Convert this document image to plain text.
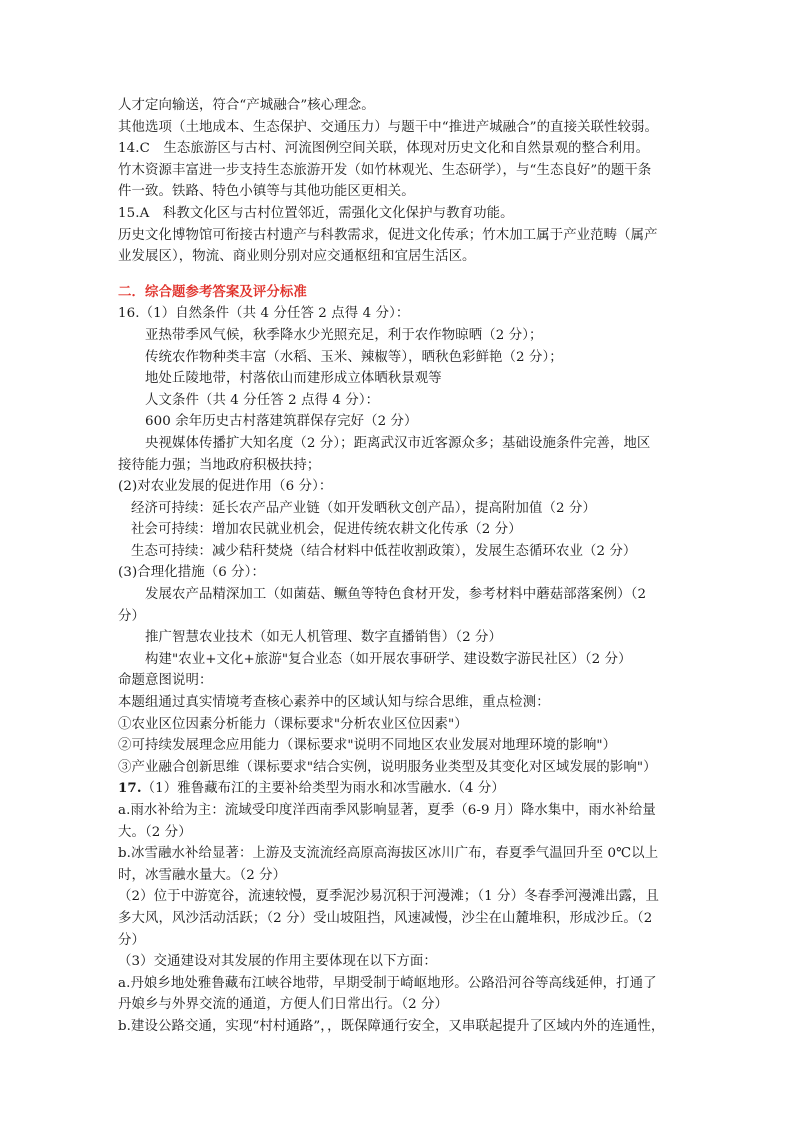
人才定向输送，符合“产城融合”核心理念。
其他选项（土地成本、生态保护、交通压力）与题干中“推进产城融合”的直接关联性较弱。
14.C　生态旅游区与古村、河流图例空间关联，体现对历史文化和自然景观的整合利用。
竹木资源丰富进一步支持生态旅游开发（如竹林观光、生态研学），与“生态良好”的题干条
件一致。铁路、特色小镇等与其他功能区更相关。
15.A　科教文化区与古村位置邻近，需强化文化保护与教育功能。
历史文化博物馆可衔接古村遗产与科教需求，促进文化传承；竹木加工属于产业范畴（属产
业发展区），物流、商业则分别对应交通枢纽和宜居生活区。
二．综合题参考答案及评分标准
16.（1）自然条件（共 4 分任答 2 点得 4 分）：
亚热带季风气候，秋季降水少光照充足，利于农作物晾晒（2 分）；
传统农作物种类丰富（水稻、玉米、辣椒等），晒秋色彩鲜艳（2 分）；
地处丘陵地带，村落依山而建形成立体晒秋景观等
人文条件（共 4 分任答 2 点得 4 分）：
600 余年历史古村落建筑群保存完好（2 分）
央视媒体传播扩大知名度（2 分）；距离武汉市近客源众多；基础设施条件完善，地区
接待能力强；当地政府积极扶持；
(2)对农业发展的促进作用（6 分）：
经济可持续：延长农产品产业链（如开发晒秋文创产品），提高附加值（2 分）
社会可持续：增加农民就业机会，促进传统农耕文化传承（2 分）
生态可持续：减少秸秆焚烧（结合材料中低茬收割政策），发展生态循环农业（2 分）
(3)合理化措施（6 分）：
发展农产品精深加工（如菌菇、鳜鱼等特色食材开发，参考材料中蘑菇部落案例）（2
分）
推广智慧农业技术（如无人机管理、数字直播销售）（2 分）
构建"农业+文化+旅游"复合业态（如开展农事研学、建设数字游民社区）（2 分）
命题意图说明：
本题组通过真实情境考查核心素养中的区域认知与综合思维，重点检测：
①农业区位因素分析能力（课标要求"分析农业区位因素"）
②可持续发展理念应用能力（课标要求"说明不同地区农业发展对地理环境的影响"）
③产业融合创新思维（课标要求"结合实例，说明服务业类型及其变化对区域发展的影响"）
17.（1）雅鲁藏布江的主要补给类型为雨水和冰雪融水.（4 分）
a.雨水补给为主：流域受印度洋西南季风影响显著，夏季（6-9 月）降水集中，雨水补给量
大。（2 分）
b.冰雪融水补给显著：上游及支流流经高原高海拔区冰川广布，春夏季气温回升至 0℃以上
时，冰雪融水量大。（2 分）
（2）位于中游宽谷，流速较慢，夏季泥沙易沉积于河漫滩；（1 分）冬春季河漫滩出露，且
多大风，风沙活动活跃；（2 分）受山坡阻挡，风速减慢，沙尘在山麓堆积，形成沙丘。（2
分）
（3）交通建设对其发展的作用主要体现在以下方面：
a.丹娘乡地处雅鲁藏布江峡谷地带，早期受制于崎岖地形。公路沿河谷等高线延伸，打通了
丹娘乡与外界交流的通道，方便人们日常出行。（2 分）
b.建设公路交通，实现“村村通路”，，既保障通行安全，又串联起提升了区域内外的连通性，
